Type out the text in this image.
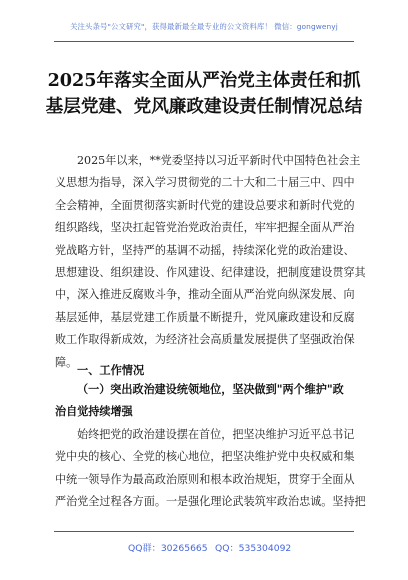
关注头条号"公文研究"，获得最新最全最专业的公文资料库！ 微信：gongwenyj
2025年落实全面从严治党主体责任和抓
基层党建、党风廉政建设责任制情况总结
2025年以来，**党委坚持以习近平新时代中国特色社会主
义思想为指导，深入学习贯彻党的二十大和二十届三中、四中
全会精神，全面贯彻落实新时代党的建设总要求和新时代党的
组织路线，坚决扛起管党治党政治责任，牢牢把握全面从严治
党战略方针，坚持严的基调不动摇，持续深化党的政治建设、
思想建设、组织建设、作风建设、纪律建设，把制度建设贯穿其
中，深入推进反腐败斗争，推动全面从严治党向纵深发展、向
基层延伸，基层党建工作质量不断提升，党风廉政建设和反腐
败工作取得新成效，为经济社会高质量发展提供了坚强政治保
障。
一、工作情况
（一）突出政治建设统领地位，坚决做到"两个维护"政
治自觉持续增强
始终把党的政治建设摆在首位，把坚决维护习近平总书记
党中央的核心、全党的核心地位，把坚决维护党中央权威和集
中统一领导作为最高政治原则和根本政治规矩，贯穿于全面从
严治党全过程各方面。一是强化理论武装筑牢政治忠诚。坚持把
QQ群：30265665 QQ：535304092
